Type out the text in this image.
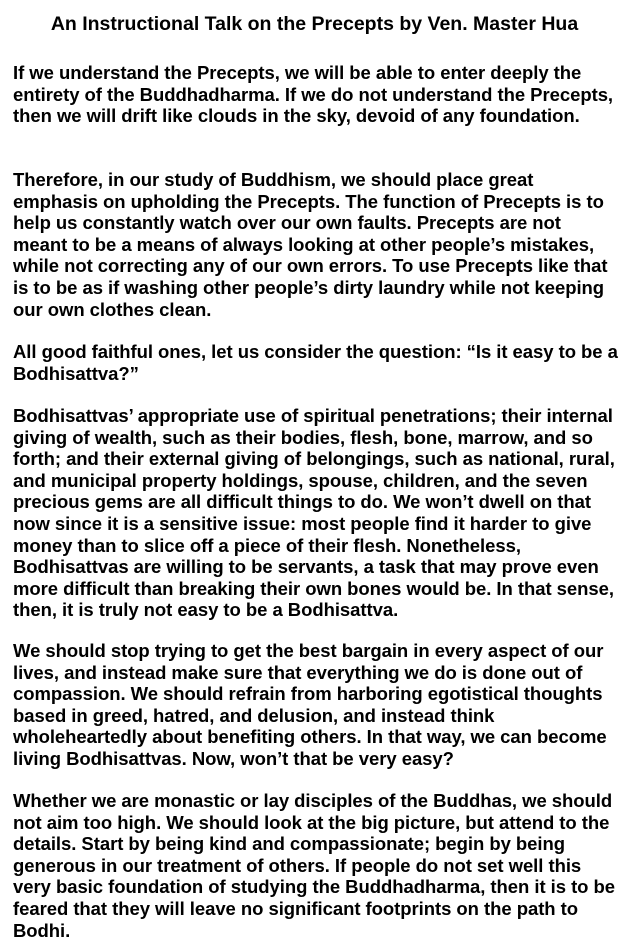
An Instructional Talk on the Precepts by Ven. Master Hua

If we understand the Precepts, we will be able to enter deeply the entirety of the Buddhadharma. If we do not understand the Precepts, then we will drift like clouds in the sky, devoid of any foundation.

Therefore, in our study of Buddhism, we should place great emphasis on upholding the Precepts. The function of Precepts is to help us constantly watch over our own faults. Precepts are not meant to be a means of always looking at other people’s mistakes, while not correcting any of our own errors. To use Precepts like that is to be as if washing other people’s dirty laundry while not keeping our own clothes clean.

All good faithful ones, let us consider the question: “Is it easy to be a Bodhisattva?”

Bodhisattvas’ appropriate use of spiritual penetrations; their internal giving of wealth, such as their bodies, flesh, bone, marrow, and so forth; and their external giving of belongings, such as national, rural, and municipal property holdings, spouse, children, and the seven precious gems are all difficult things to do. We won’t dwell on that now since it is a sensitive issue: most people find it harder to give money than to slice off a piece of their flesh. Nonetheless, Bodhisattvas are willing to be servants, a task that may prove even more difficult than breaking their own bones would be. In that sense, then, it is truly not easy to be a Bodhisattva.

We should stop trying to get the best bargain in every aspect of our lives, and instead make sure that everything we do is done out of compassion. We should refrain from harboring egotistical thoughts based in greed, hatred, and delusion, and instead think wholeheartedly about benefiting others. In that way, we can become living Bodhisattvas. Now, won’t that be very easy?

Whether we are monastic or lay disciples of the Buddhas, we should not aim too high. We should look at the big picture, but attend to the details. Start by being kind and compassionate; begin by being generous in our treatment of others. If people do not set well this very basic foundation of studying the Buddhadharma, then it is to be feared that they will leave no significant footprints on the path to Bodhi.
